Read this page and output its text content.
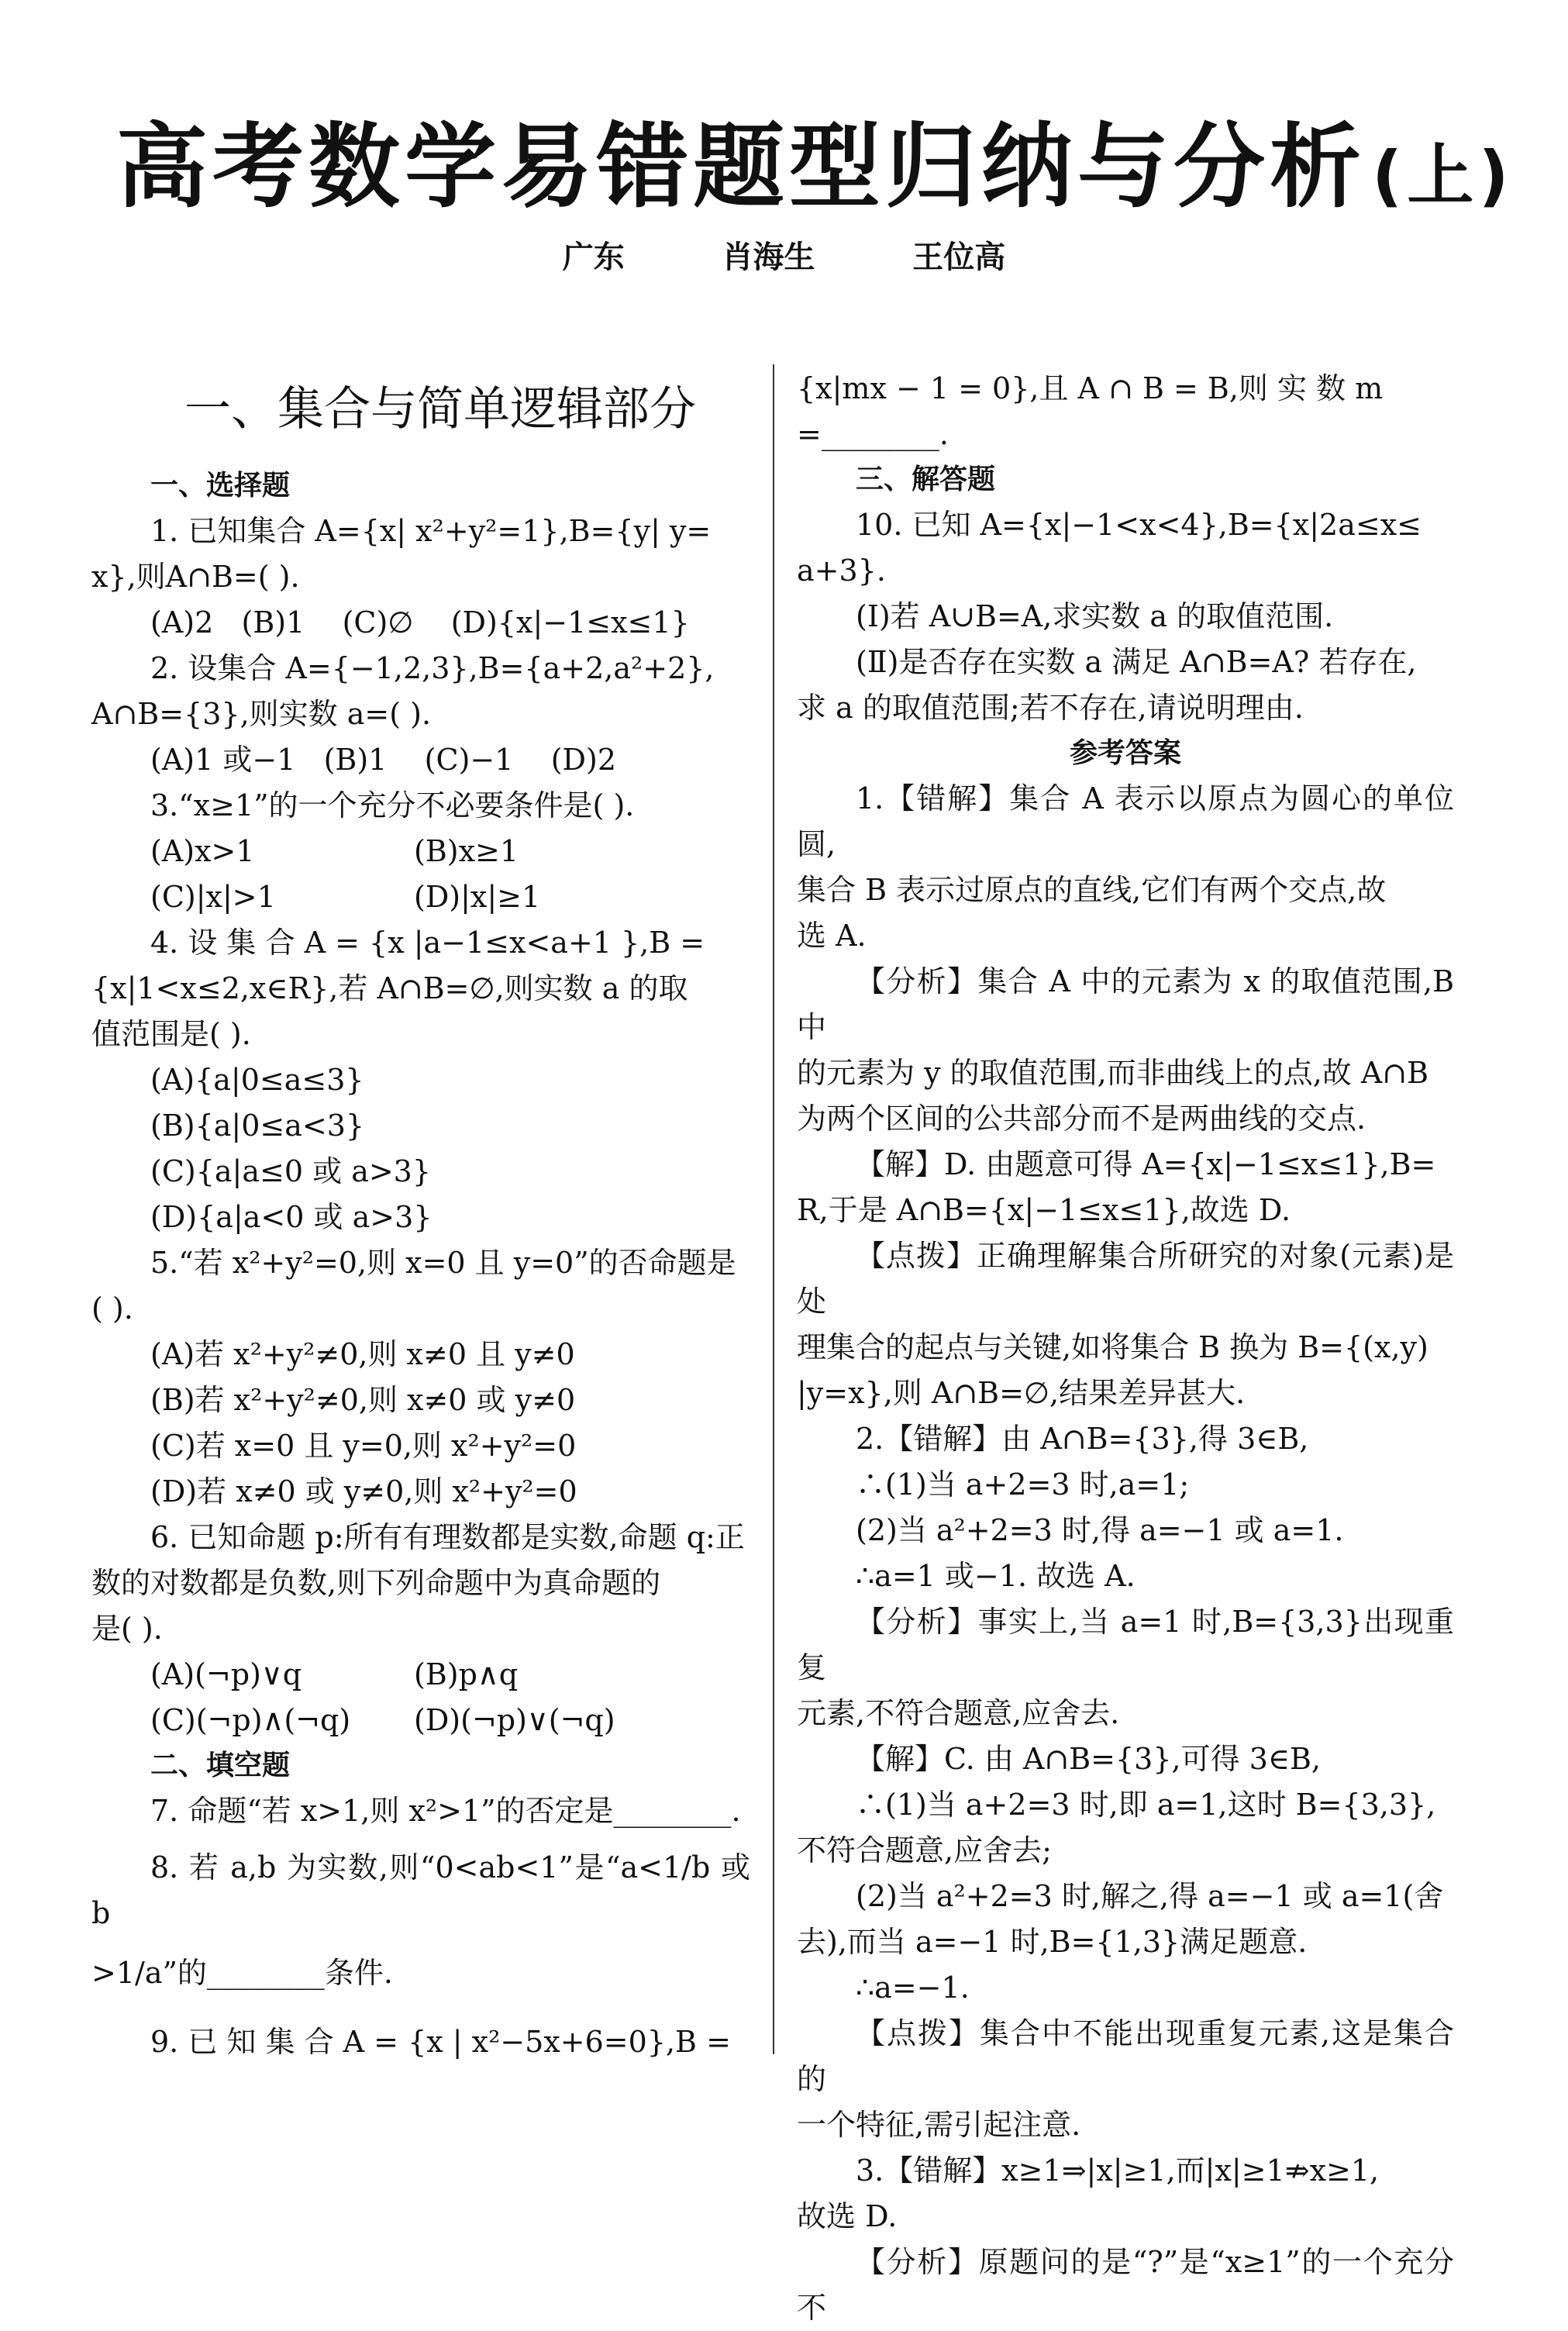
高考数学易错题型归纳与分析(上)
广东   肖海生   王位高
一、集合与简单逻辑部分
一、选择题

1. 已知集合 A={x| x²+y²=1},B={y| y=

x},则A∩B=( ).

(A)2   (B)1    (C)∅    (D){x|−1≤x≤1}

2. 设集合 A={−1,2,3},B={a+2,a²+2},

A∩B={3},则实数 a=( ).

(A)1 或−1   (B)1    (C)−1    (D)2

3.“x≥1”的一个充分不必要条件是( ).

(A)x>1	(B)x≥1
(C)|x|>1	(D)|x|≥1

4. 设 集 合 A = {x |a−1≤x<a+1 },B =

{x|1<x≤2,x∈R},若 A∩B=∅,则实数 a 的取

值范围是( ).

(A){a|0≤a≤3}

(B){a|0≤a<3}

(C){a|a≤0 或 a>3}

(D){a|a<0 或 a>3}

5.“若 x²+y²=0,则 x=0 且 y=0”的否命题是

( ).

(A)若 x²+y²≠0,则 x≠0 且 y≠0

(B)若 x²+y²≠0,则 x≠0 或 y≠0

(C)若 x=0 且 y=0,则 x²+y²=0

(D)若 x≠0 或 y≠0,则 x²+y²=0

6. 已知命题 p:所有有理数都是实数,命题 q:正

数的对数都是负数,则下列命题中为真命题的

是( ).

(A)(¬p)∨q	(B)p∧q
(C)(¬p)∧(¬q)	(D)(¬p)∨(¬q)
二、填空题

7. 命题“若 x>1,则 x²>1”的否定是________.

8. 若 a,b 为实数,则“0<ab<1”是“a<1/b 或 b

>1/a”的________条件.

9. 已 知 集 合 A = {x | x²−5x+6=0},B =

{x|mx − 1 = 0},且 A ∩ B = B,则 实 数 m

=________.

三、解答题

10. 已知 A={x|−1<x<4},B={x|2a≤x≤

a+3}.

(Ⅰ)若 A∪B=A,求实数 a 的取值范围.

(Ⅱ)是否存在实数 a 满足 A∩B=A? 若存在,

求 a 的取值范围;若不存在,请说明理由.

参考答案

1.【错解】集合 A 表示以原点为圆心的单位圆,

集合 B 表示过原点的直线,它们有两个交点,故

选 A.

【分析】集合 A 中的元素为 x 的取值范围,B 中

的元素为 y 的取值范围,而非曲线上的点,故 A∩B

为两个区间的公共部分而不是两曲线的交点.

【解】D. 由题意可得 A={x|−1≤x≤1},B=

R,于是 A∩B={x|−1≤x≤1},故选 D.

【点拨】正确理解集合所研究的对象(元素)是处

理集合的起点与关键,如将集合 B 换为 B={(x,y)

|y=x},则 A∩B=∅,结果差异甚大.

2.【错解】由 A∩B={3},得 3∈B,

∴(1)当 a+2=3 时,a=1;

(2)当 a²+2=3 时,得 a=−1 或 a=1.

∴a=1 或−1. 故选 A.

【分析】事实上,当 a=1 时,B={3,3}出现重复

元素,不符合题意,应舍去.

【解】C. 由 A∩B={3},可得 3∈B,

∴(1)当 a+2=3 时,即 a=1,这时 B={3,3},

不符合题意,应舍去;

(2)当 a²+2=3 时,解之,得 a=−1 或 a=1(舍

去),而当 a=−1 时,B={1,3}满足题意.

∴a=−1.

【点拨】集合中不能出现重复元素,这是集合的

一个特征,需引起注意.

3.【错解】x≥1⇒|x|≥1,而|x|≥1⇏x≥1,

故选 D.

【分析】原题问的是“?”是“x≥1”的一个充分不
